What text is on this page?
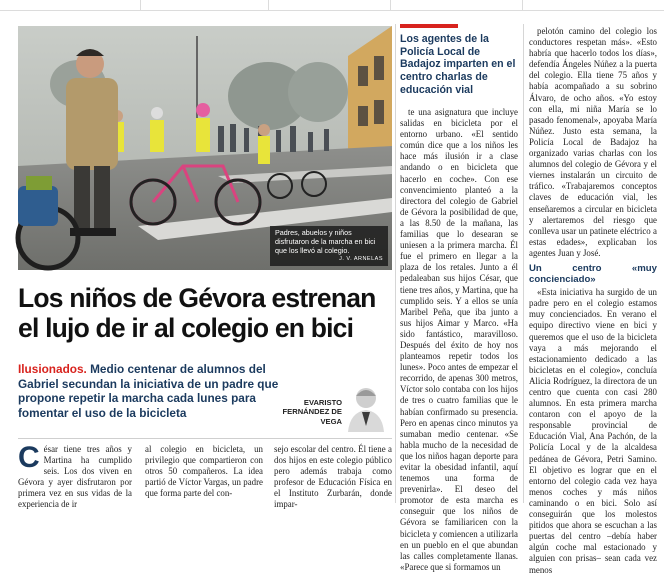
Padres, abuelos y niños disfrutaron de la marcha en bici que los llevó al colegio.
J. V. ARNELAS
Los agentes de la Policía Local de Badajoz imparten en el centro charlas de educación vial

te una asignatura que incluye salidas en bicicleta por el entorno urbano. «El sentido común dice que a los niños les hace más ilusión ir a clase andando o en bicicleta que hacerlo en coche». Con ese convencimiento planteó a la directora del colegio de Gabriel de Gévora la posibilidad de que, a las 8.50 de la mañana, las familias que lo desearan se uniesen a la primera marcha. Él fue el primero en llegar a la plaza de los retales. Junto a él pedaleaban sus hijos César, que tiene tres años, y Martina, que ha cumplido seis. Y a ellos se unía Maribel Peña, que iba junto a sus hijos Aimar y Marco. «Ha sido fantástico, maravilloso. Después del éxito de hoy nos planteamos repetir todos los lunes». Poco antes de empezar el recorrido, de apenas 300 metros, Víctor solo contaba con los hijos de tres o cuatro familias que le habían confirmado su presencia. Pero en apenas cinco minutos ya sumaban medio centenar. «Se habla mucho de la necesidad de que los niños hagan deporte para evitar la obesidad infantil, aquí tenemos una forma de prevenirla». El deseo del promotor de esta marcha es conseguir que los niños de Gévora se familiaricen con la bicicleta y comiencen a utilizarla en un pueblo en el que abundan las calles completamente llanas. «Parece que si formamos un

pelotón camino del colegio los conductores respetan más». «Esto habría que hacerlo todos los días», defendía Ángeles Núñez a la puerta del colegio. Ella tiene 75 años y había acompañado a su sobrino Álvaro, de ocho años. «Yo estoy con ella, mi niña María se lo pasado fenomenal», apoyaba María Núñez. Justo esta semana, la Policía Local de Badajoz ha organizado varias charlas con los alumnos del colegio de Gévora y el viernes instalarán un circuito de tráfico. «Trabajaremos conceptos claves de educación vial, les enseñaremos a circular en bicicleta y alertaremos del riesgo que conlleva usar un patinete eléctrico a estas edades», explicaban los agentes Juan y José.

Un centro «muy concienciado»

«Esta iniciativa ha surgido de un padre pero en el colegio estamos muy concienciados. En verano el equipo directivo viene en bici y queremos que el uso de la bicicleta vaya a más mejorando el estacionamiento dedicado a las bicicletas en el colegio», concluía Alicia Rodríguez, la directora de un centro que cuenta con casi 280 alumnos. En esta primera marcha contaron con el apoyo de la responsable provincial de Educación Vial, Ana Pachón, de la Policía Local y de la alcaldesa pedánea de Gévora, Petri Samino. El objetivo es lograr que en el entorno del colegio cada vez haya menos coches y más niños caminando o en bici. Solo así conseguirán que los molestos pitidos que ahora se escuchan a las puertas del centro –debía haber algún coche mal estacionado y alguien con prisas– sean cada vez menos

Los niños de Gévora estrenan el lujo de ir al colegio en bici
Ilusionados. Medio centenar de alumnos del Gabriel secundan la iniciativa de un padre que propone repetir la marcha cada lunes para fomentar el uso de la bicicleta
EVARISTO
FERNÁNDEZ DE VEGA
C ésar tiene tres años y Martina ha cumplido seis. Los dos viven en Gévora y ayer disfrutaron por primera vez en sus vidas de la experiencia de ir
al colegio en bicicleta, un privilegio que compartieron con otros 50 compañeros. La idea partió de Víctor Vargas, un padre que forma parte del con-
sejo escolar del centro. Él tiene a dos hijos en este colegio público pero además trabaja como profesor de Educación Física en el Instituto Zurbarán, donde impar-
